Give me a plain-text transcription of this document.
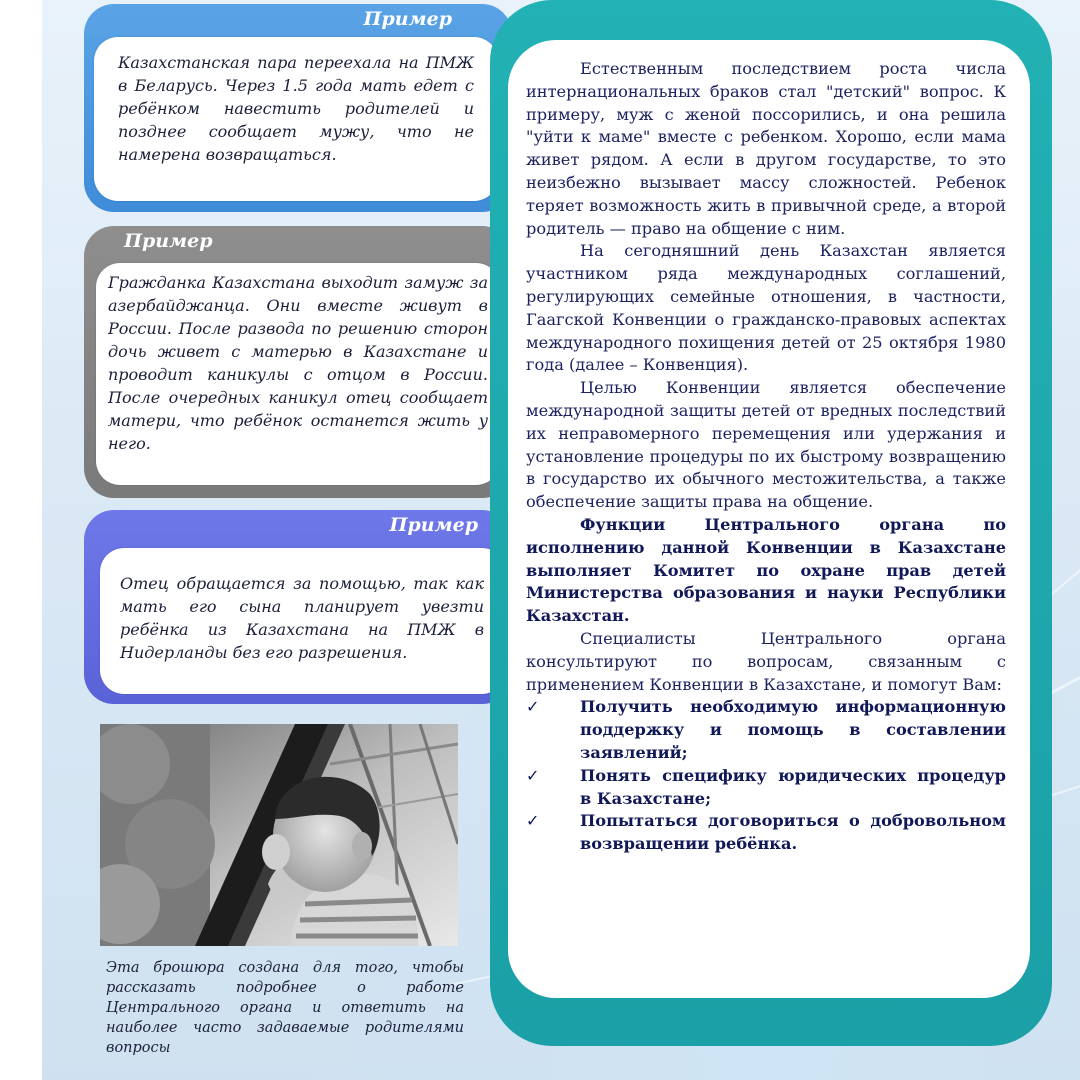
Пример
Казахстанская пара переехала на ПМЖ в Беларусь. Через 1.5 года мать едет с ребёнком навестить родителей и позднее сообщает мужу, что не намерена возвращаться.
Пример
Гражданка Казахстана выходит замуж за азербайджанца. Они вместе живут в России. После развода по решению сторон дочь живет с матерью в Казахстане и проводит каникулы с отцом в России. После очередных каникул отец сообщает матери, что ребёнок останется жить у него.
Пример
Отец обращается за помощью, так как мать его сына планирует увезти ребёнка из Казахстана на ПМЖ в Нидерланды без его разрешения.
Эта брошюра создана для того, чтобы рассказать подробнее о работе Центрального органа и ответить на наиболее часто задаваемые родителями вопросы

Естественным последствием роста числа интернациональных браков стал "детский" вопрос. К примеру, муж с женой поссорились, и она решила "уйти к маме" вместе с ребенком. Хорошо, если мама живет рядом. А если в другом государстве, то это неизбежно вызывает массу сложностей. Ребенок теряет возможность жить в привычной среде, а второй родитель — право на общение с ним.

На сегодняшний день Казахстан является участником ряда международных соглашений, регулирующих семейные отношения, в частности, Гаагской Конвенции о гражданско-правовых аспектах международного похищения детей от 25 октября 1980 года (далее – Конвенция).

Целью Конвенции является обеспечение международной защиты детей от вредных последствий их неправомерного перемещения или удержания и установление процедуры по их быстрому возвращению в государство их обычного местожительства, а также обеспечение защиты права на общение.

Функции Центрального органа по исполнению данной Конвенции в Казахстане выполняет Комитет по охране прав детей Министерства образования и науки Республики Казахстан.

Специалисты Центрального органа консультируют по вопросам, связанным с применением Конвенции в Казахстане, и помогут Вам:

✓	Получить необходимую информационную поддержку и помощь в составлении заявлений;
✓	Понять специфику юридических процедур в Казахстане;
✓	Попытаться договориться о добровольном возвращении ребёнка.
